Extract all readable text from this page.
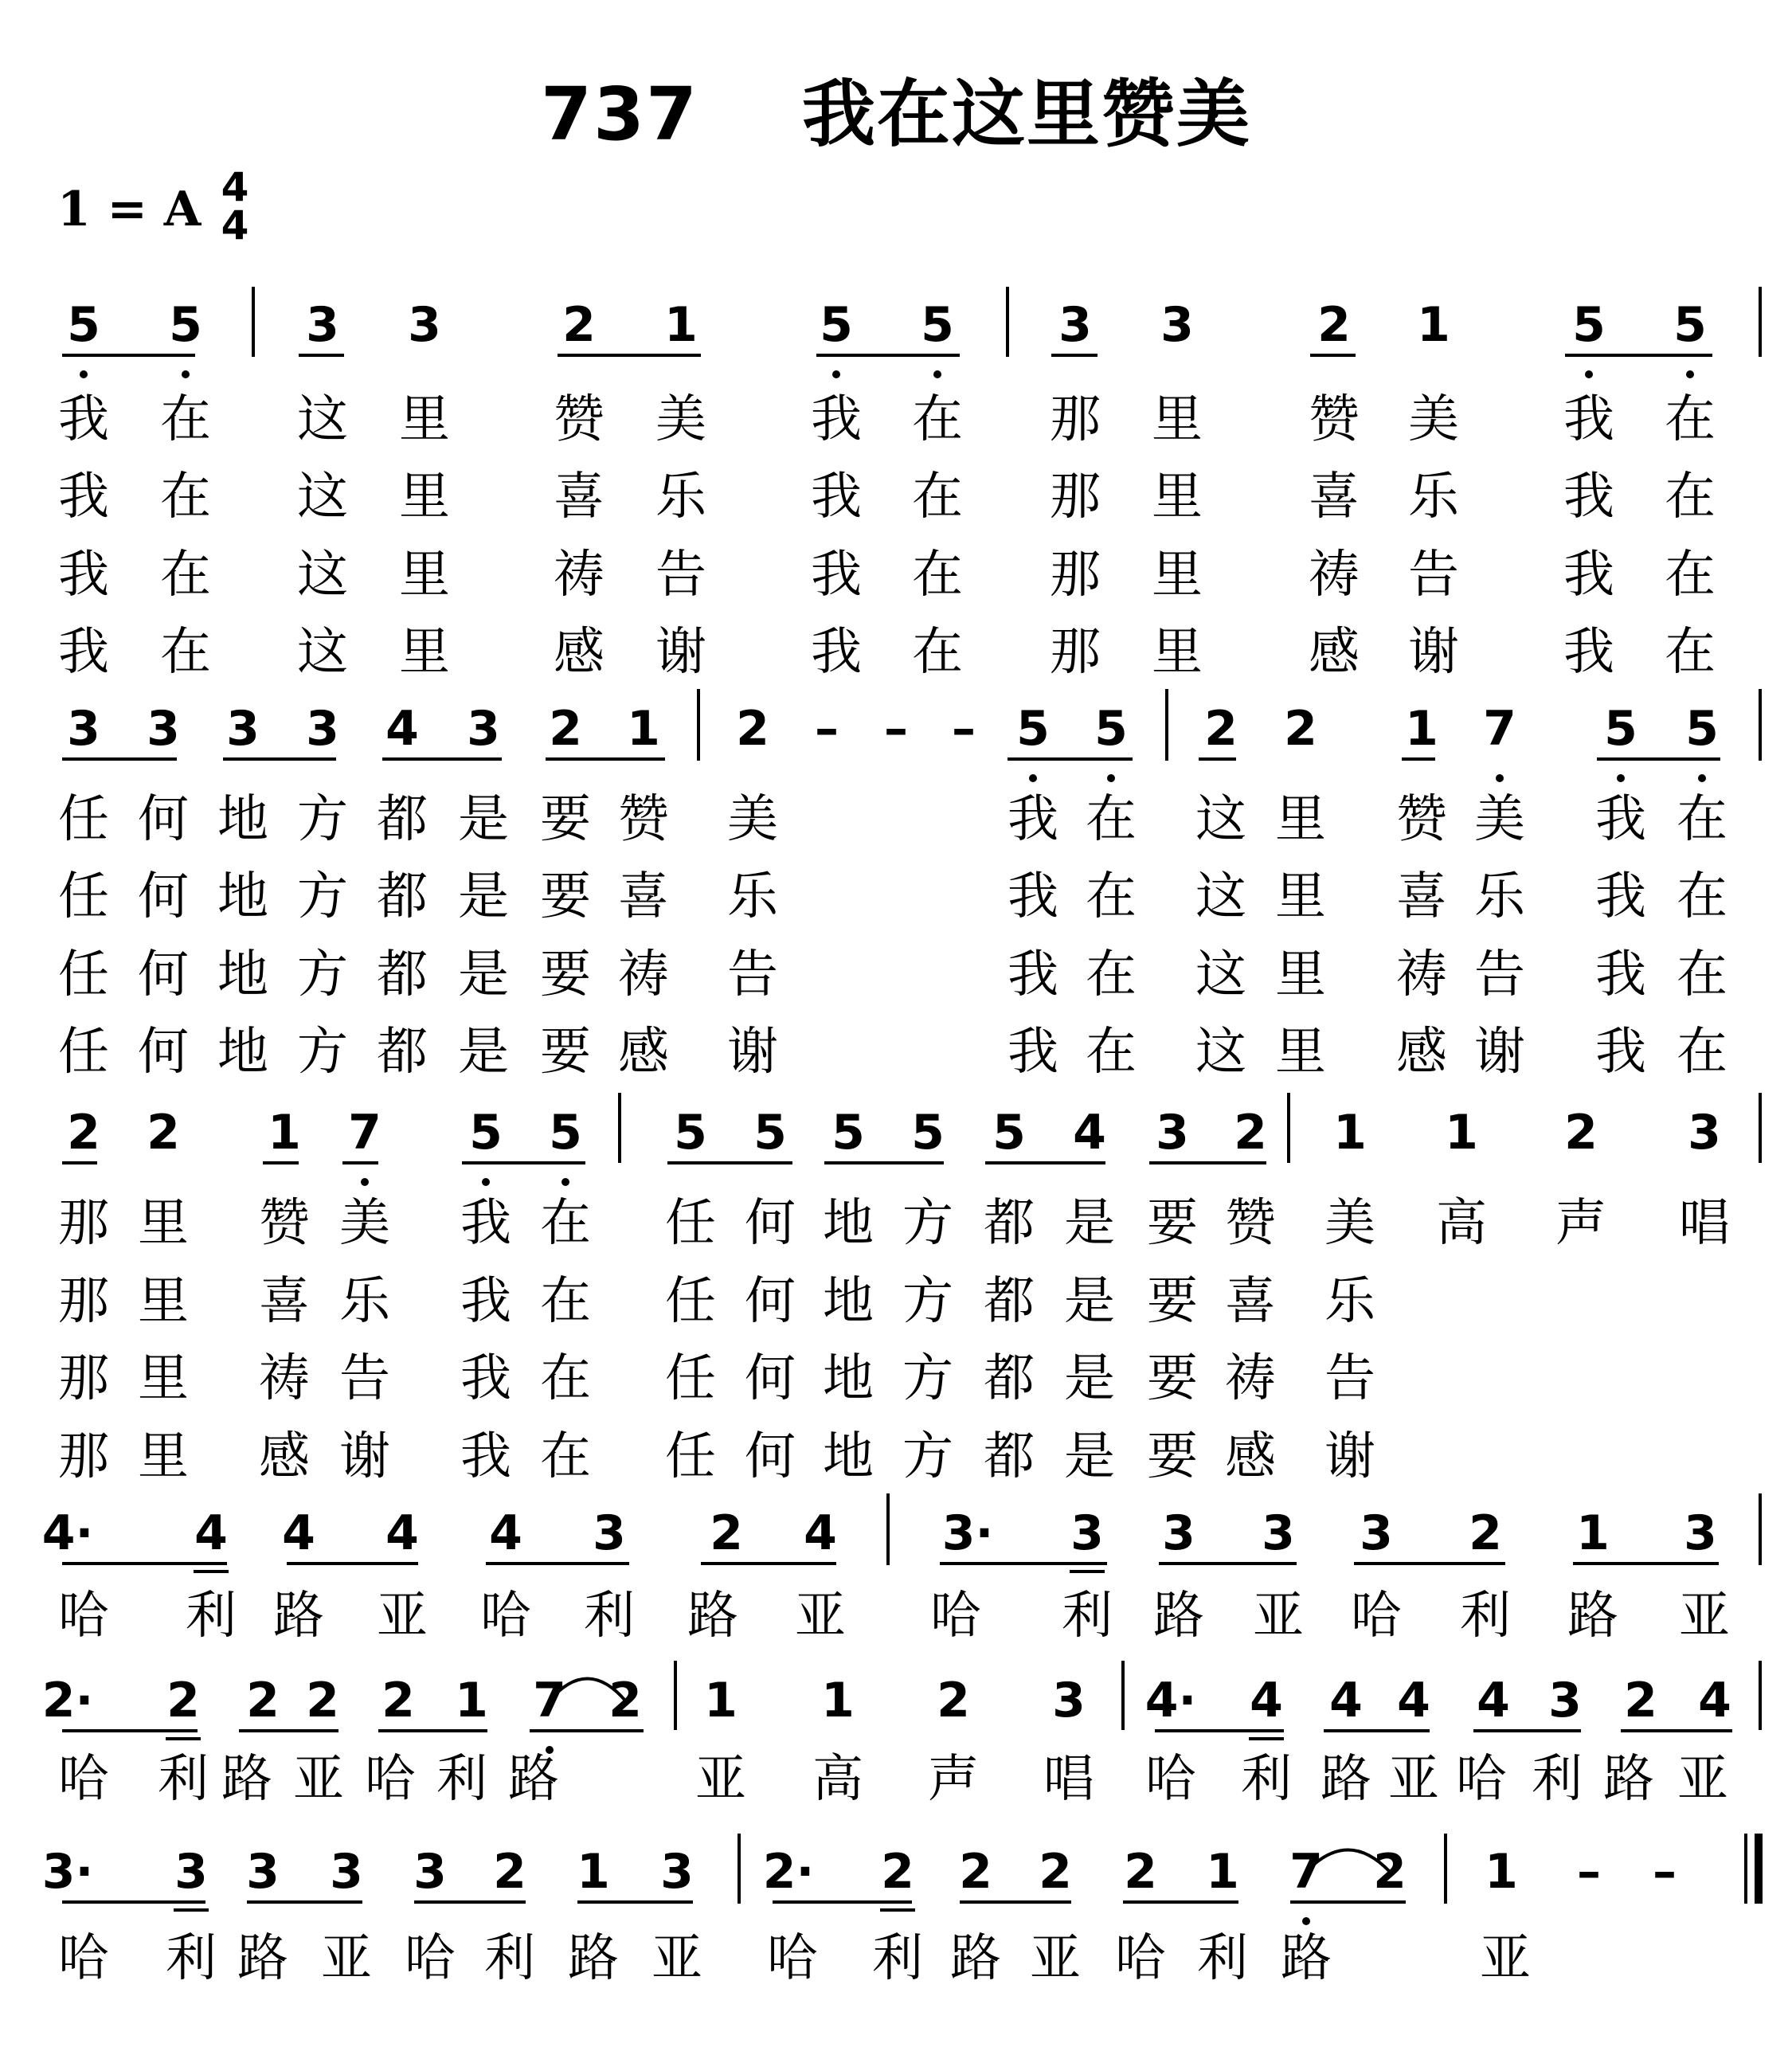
737 我在这里赞美
1 = A 4
4
5 5 3 3	2 1	5 5 3 3	2 1	5 5
我 在 这 里 赞 美 我 在 那 里 赞 美 我 在
我 在 这 里 喜 乐 我 在 那 里 喜 乐 我 在
我 在 这 里 祷 告 我 在 那 里 祷 告 我 在
我 在 这 里 感 谢 我 在 那 里 感 谢 我 在
3 3 3 3 4 3 2 1 2 – – – 5 5 2 2 1 7 5 5
任 何 地 方 都 是 要 赞 美	我 在 这 里 赞 美 我 在
任 何 地 方 都 是 要 喜 乐	我 在 这 里 喜 乐 我 在
任 何 地 方 都 是 要 祷 告	我 在 这 里 祷 告 我 在
任 何 地 方 都 是 要 感 谢	我 在 这 里 感 谢 我 在
2 2 1 7 5 5 5 5 5 5 5 4 3 2 1 1 2 3
那 里 赞 美 我 在 任 何 地 方 都 是 要 赞 美 高 声 唱
那 里 喜 乐 我 在 任 何 地 方 都 是 要 喜 乐
那 里 祷 告 我 在 任 何 地 方 都 是 要 祷 告
那 里 感 谢 我 在 任 何 地 方 都 是 要 感 谢
4· 4 4 4 4 3 2 4 3· 3 3 3 3 2 1 3
哈 利 路 亚 哈 利 路 亚 哈 利 路 亚 哈 利 路 亚
2· 2 2 2 2 1 7 2 1 1 2 3 4· 4 4 4 4 3 2 4
哈 利 路 亚 哈 利 路	亚 高 声 唱 哈 利 路 亚 哈 利 路 亚
3· 3 3 3 3 2 1 3 2· 2 2 2 2 1 7 2 1 – –
哈 利 路 亚 哈 利 路 亚 哈 利 路 亚 哈 利 路	亚
